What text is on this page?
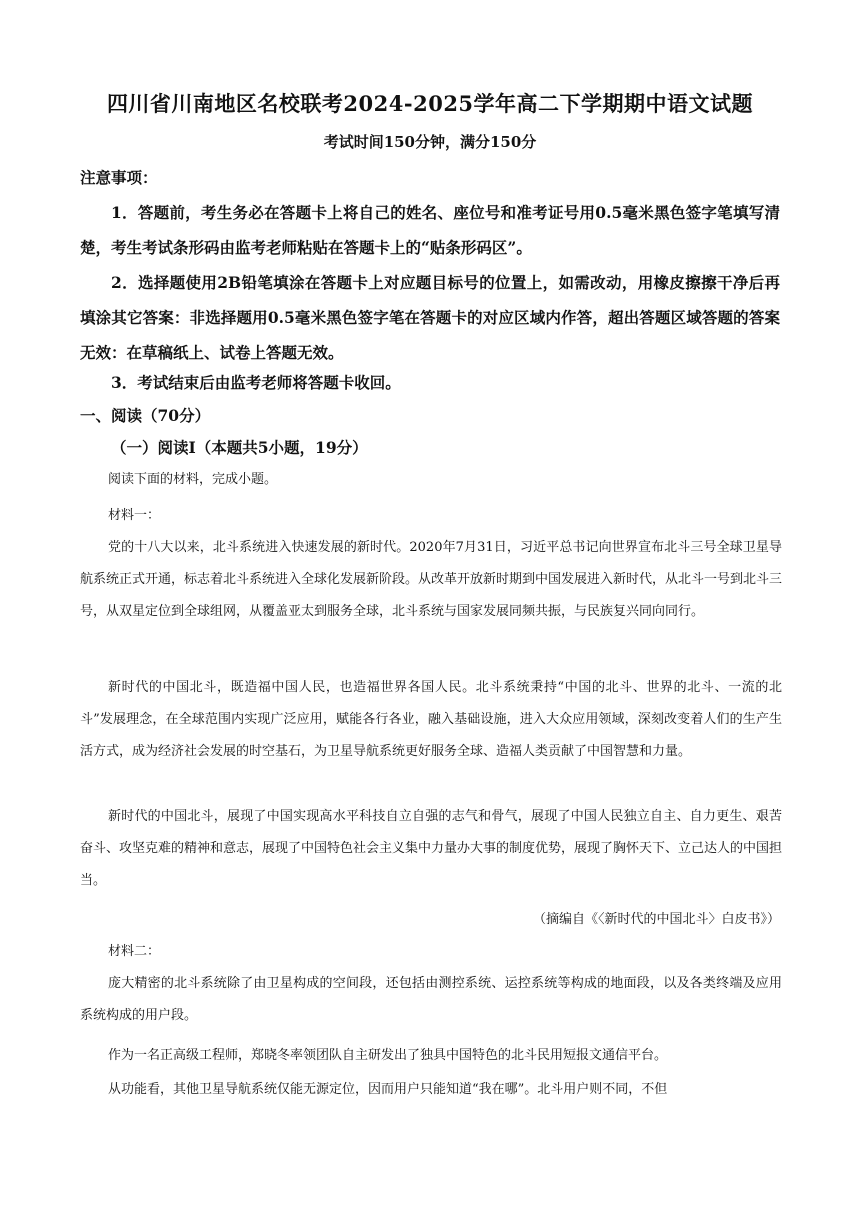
四川省川南地区名校联考2024-2025学年高二下学期期中语文试题
考试时间150分钟，满分150分
注意事项：
1．答题前，考生务必在答题卡上将自己的姓名、座位号和准考证号用0.5毫米黑色签字笔填写清楚，考生考试条形码由监考老师粘贴在答题卡上的“贴条形码区”。
2．选择题使用2B铅笔填涂在答题卡上对应题目标号的位置上，如需改动，用橡皮擦擦干净后再填涂其它答案：非选择题用0.5毫米黑色签字笔在答题卡的对应区域内作答，超出答题区域答题的答案无效：在草稿纸上、试卷上答题无效。
3．考试结束后由监考老师将答题卡收回。
一、阅读（70分）
（一）阅读Ⅰ（本题共5小题，19分）
阅读下面的材料，完成小题。
材料一：
党的十八大以来，北斗系统进入快速发展的新时代。2020年7月31日，习近平总书记向世界宣布北斗三号全球卫星导航系统正式开通，标志着北斗系统进入全球化发展新阶段。从改革开放新时期到中国发展进入新时代，从北斗一号到北斗三号，从双星定位到全球组网，从覆盖亚太到服务全球，北斗系统与国家发展同频共振，与民族复兴同向同行。
新时代的中国北斗，既造福中国人民，也造福世界各国人民。北斗系统秉持“中国的北斗、世界的北斗、一流的北斗”发展理念，在全球范围内实现广泛应用，赋能各行各业，融入基础设施，进入大众应用领域，深刻改变着人们的生产生活方式，成为经济社会发展的时空基石，为卫星导航系统更好服务全球、造福人类贡献了中国智慧和力量。
新时代的中国北斗，展现了中国实现高水平科技自立自强的志气和骨气，展现了中国人民独立自主、自力更生、艰苦奋斗、攻坚克难的精神和意志，展现了中国特色社会主义集中力量办大事的制度优势，展现了胸怀天下、立己达人的中国担当。
（摘编自《〈新时代的中国北斗〉白皮书》）
材料二：
庞大精密的北斗系统除了由卫星构成的空间段，还包括由测控系统、运控系统等构成的地面段，以及各类终端及应用系统构成的用户段。
作为一名正高级工程师，郑晓冬率领团队自主研发出了独具中国特色的北斗民用短报文通信平台。
从功能看，其他卫星导航系统仅能无源定位，因而用户只能知道“我在哪”。北斗用户则不同，不但
